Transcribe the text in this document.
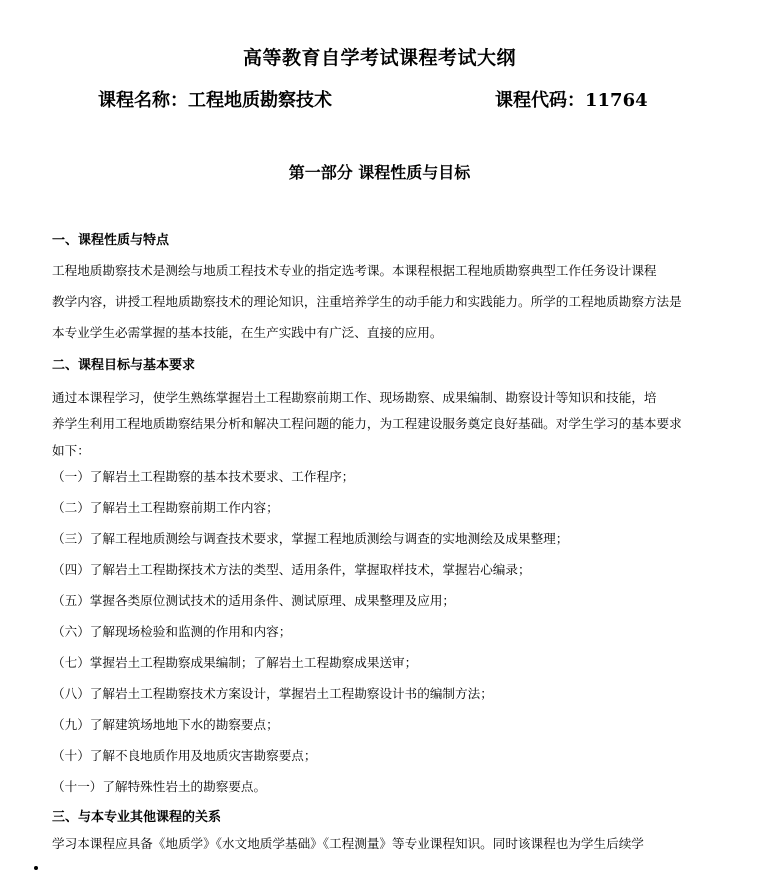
高等教育自学考试课程考试大纲
课程名称：工程地质勘察技术	课程代码：11764
第一部分 课程性质与目标
一、课程性质与特点
工程地质勘察技术是测绘与地质工程技术专业的指定选考课。本课程根据工程地质勘察典型工作任务设计课程
教学内容，讲授工程地质勘察技术的理论知识，注重培养学生的动手能力和实践能力。所学的工程地质勘察方法是
本专业学生必需掌握的基本技能，在生产实践中有广泛、直接的应用。
二、课程目标与基本要求
通过本课程学习，使学生熟练掌握岩土工程勘察前期工作、现场勘察、成果编制、勘察设计等知识和技能，培
养学生利用工程地质勘察结果分析和解决工程问题的能力，为工程建设服务奠定良好基础。对学生学习的基本要求
如下：
（一）了解岩土工程勘察的基本技术要求、工作程序；
（二）了解岩土工程勘察前期工作内容；
（三）了解工程地质测绘与调查技术要求，掌握工程地质测绘与调查的实地测绘及成果整理；
（四）了解岩土工程勘探技术方法的类型、适用条件，掌握取样技术，掌握岩心编录；
（五）掌握各类原位测试技术的适用条件、测试原理、成果整理及应用；
（六）了解现场检验和监测的作用和内容；
（七）掌握岩土工程勘察成果编制；了解岩土工程勘察成果送审；
（八）了解岩土工程勘察技术方案设计，掌握岩土工程勘察设计书的编制方法；
（九）了解建筑场地地下水的勘察要点；
（十）了解不良地质作用及地质灾害勘察要点；
（十一）了解特殊性岩土的勘察要点。
三、与本专业其他课程的关系
学习本课程应具备《地质学》《水文地质学基础》《工程测量》等专业课程知识。同时该课程也为学生后续学
